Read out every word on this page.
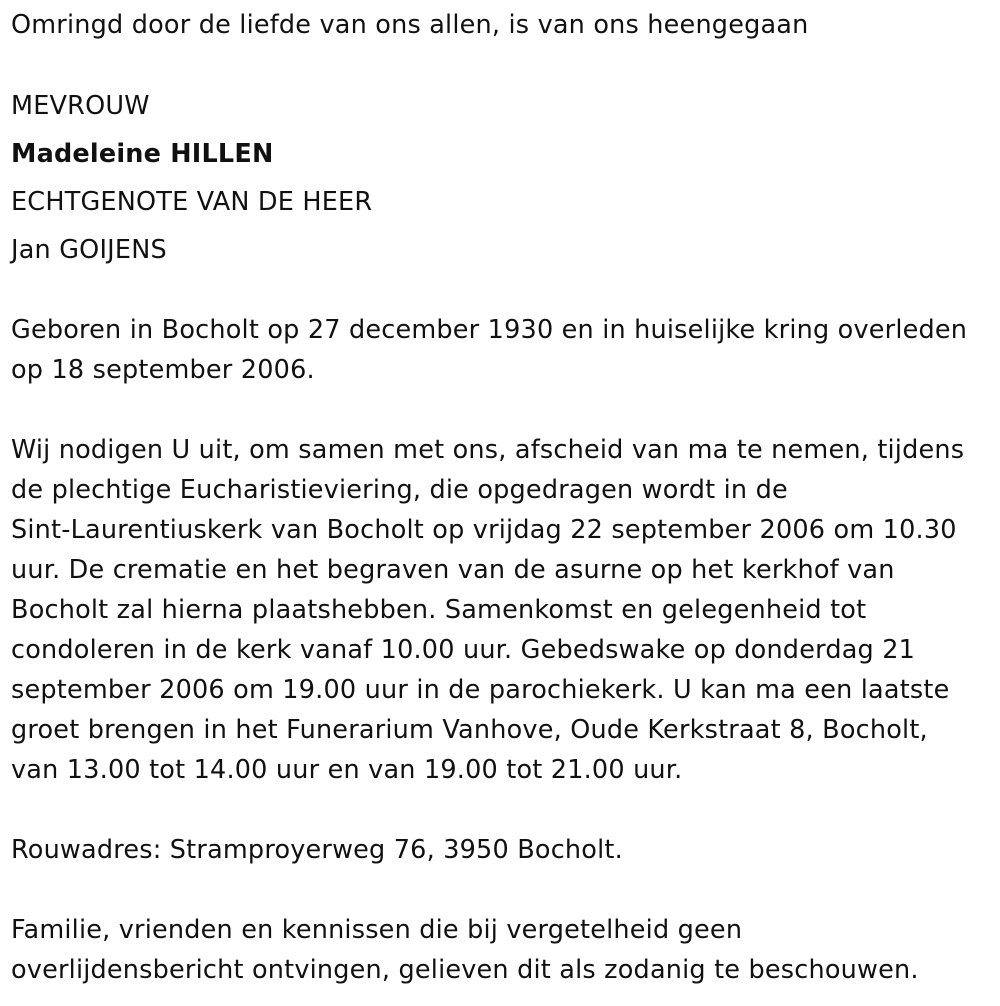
Omringd door de liefde van ons allen, is van ons heengegaan
MEVROUW
Madeleine HILLEN
ECHTGENOTE VAN DE HEER
Jan GOIJENS
Geboren in Bocholt op 27 december 1930 en in huiselijke kring overleden
op 18 september 2006.
Wij nodigen U uit, om samen met ons, afscheid van ma te nemen, tijdens
de plechtige Eucharistieviering, die opgedragen wordt in de
Sint-Laurentiuskerk van Bocholt op vrijdag 22 september 2006 om 10.30
uur. De crematie en het begraven van de asurne op het kerkhof van
Bocholt zal hierna plaatshebben. Samenkomst en gelegenheid tot
condoleren in de kerk vanaf 10.00 uur. Gebedswake op donderdag 21
september 2006 om 19.00 uur in de parochiekerk. U kan ma een laatste
groet brengen in het Funerarium Vanhove, Oude Kerkstraat 8, Bocholt,
van 13.00 tot 14.00 uur en van 19.00 tot 21.00 uur.
Rouwadres: Stramproyerweg 76, 3950 Bocholt.
Familie, vrienden en kennissen die bij vergetelheid geen
overlijdensbericht ontvingen, gelieven dit als zodanig te beschouwen.
